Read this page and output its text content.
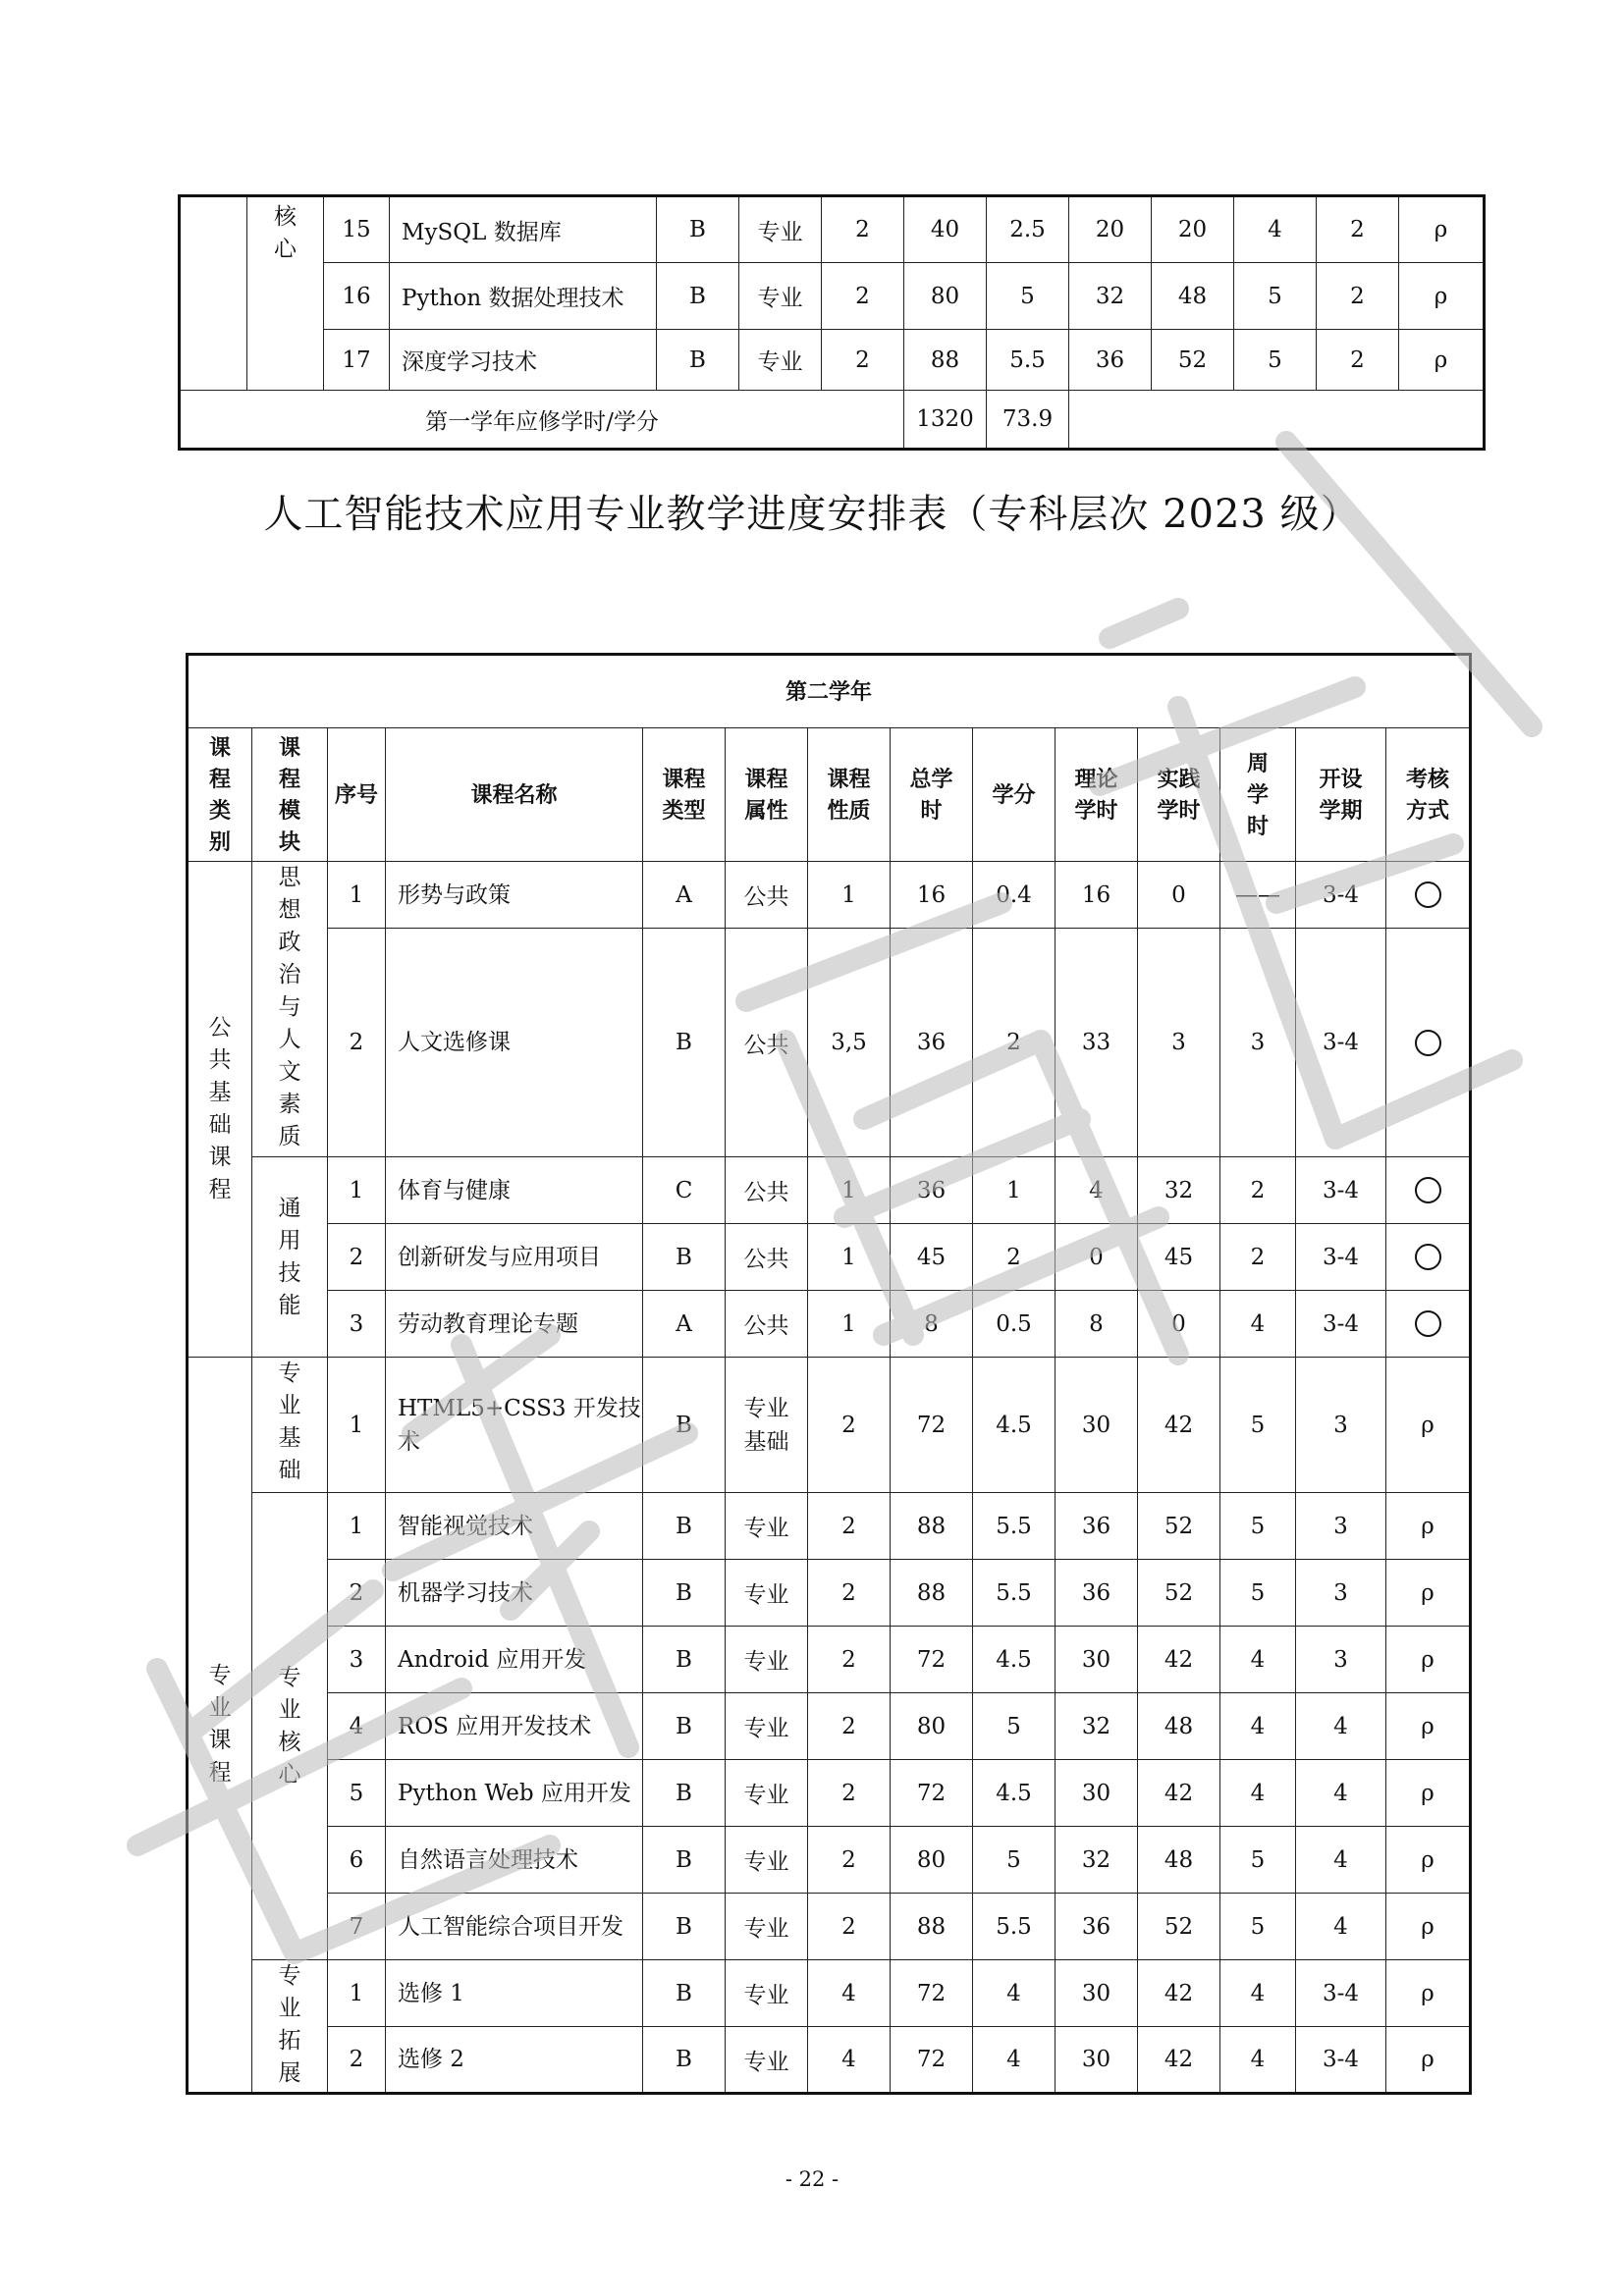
	核心	15	MySQL 数据库	B	专业	2	40	2.5	20	20	4	2	ρ
		16	Python 数据处理技术	B	专业	2	80	5	32	48	5	2	ρ
		17	深度学习技术	B	专业	2	88	5.5	36	52	5	2	ρ
第一学年应修学时/学分							1320	73.9					
人工智能技术应用专业教学进度安排表（专科层次 2023 级）
第二学年													

课程类别	课程模块	序号	课程名称	课程类型	课程属性	课程性质	总学时	学分	理论学时	实践学时	周学时	开设学期	考核方式

公共基础课程	思想政治与人文素质	1	形势与政策	A	公共	1	16	0.4	16	0	——	3-4	
		2	人文选修课	B	公共	3,5	36	2	33	3	3	3-4	

	通用技能	1	体育与健康	C	公共	1	36	1	4	32	2	3-4	
		2	创新研发与应用项目	B	公共	1	45	2	0	45	2	3-4	
		3	劳动教育理论专题	A	公共	1	8	0.5	8	0	4	3-4	

专业课程	专业基础	1	HTML5+CSS3 开发技术	B	专业基础	2	72	4.5	30	42	5	3	ρ

	专业核心	1	智能视觉技术	B	专业	2	88	5.5	36	52	5	3	ρ
		2	机器学习技术	B	专业	2	88	5.5	36	52	5	3	ρ
		3	Android 应用开发	B	专业	2	72	4.5	30	42	4	3	ρ
		4	ROS 应用开发技术	B	专业	2	80	5	32	48	4	4	ρ
		5	Python Web 应用开发	B	专业	2	72	4.5	30	42	4	4	ρ
		6	自然语言处理技术	B	专业	2	80	5	32	48	5	4	ρ
		7	人工智能综合项目开发	B	专业	2	88	5.5	36	52	5	4	ρ

	专业拓展	1	选修 1	B	专业	4	72	4	30	42	4	3-4	ρ
		2	选修 2	B	专业	4	72	4	30	42	4	3-4	ρ
- 22 -
